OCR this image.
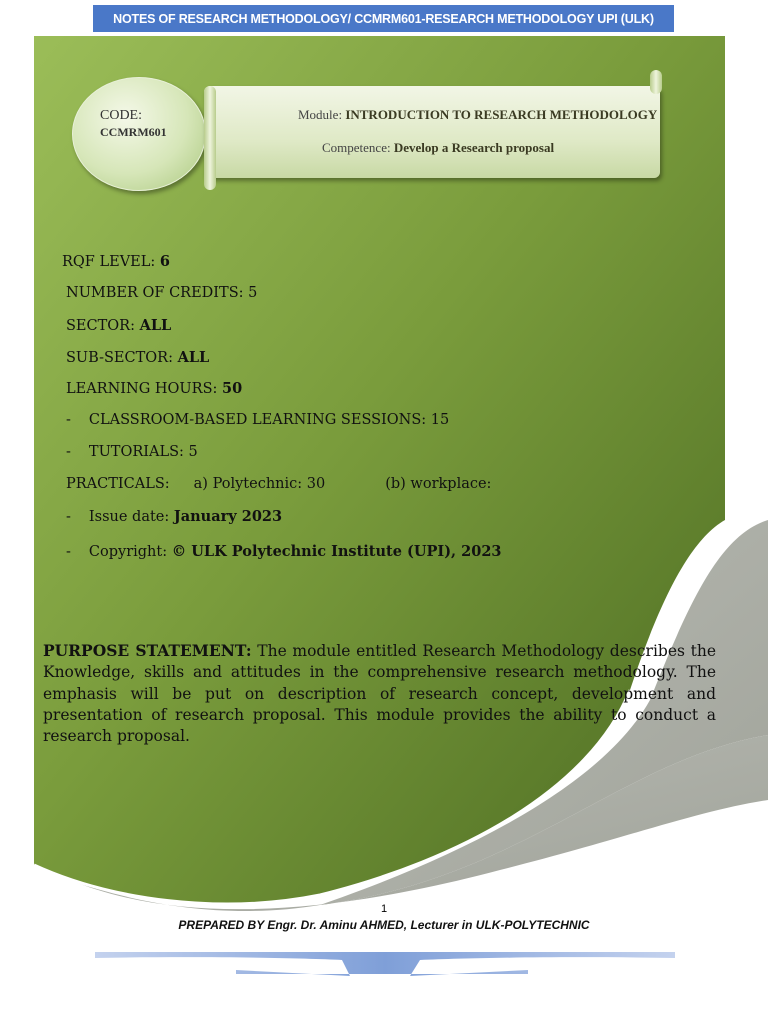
NOTES OF RESEARCH METHODOLOGY/ CCMRM601-RESEARCH METHODOLOGY UPI (ULK)
CODE:
CCMRM601
Module: INTRODUCTION TO RESEARCH METHODOLOGY
Competence: Develop a Research proposal
RQF LEVEL: 6
NUMBER OF CREDITS: 5
SECTOR: ALL
SUB-SECTOR: ALL
LEARNING HOURS: 50
- CLASSROOM-BASED LEARNING SESSIONS: 15
- TUTORIALS: 5
PRACTICALS: a) Polytechnic: 30	(b) workplace:
- Issue date: January 2023
- Copyright: © ULK Polytechnic Institute (UPI), 2023
PURPOSE STATEMENT: The module entitled Research Methodology describes the Knowledge, skills and attitudes in the comprehensive research methodology. The emphasis will be put on description of research concept, development and presentation of research proposal. This module provides the ability to conduct a research proposal.
1
PREPARED BY Engr. Dr. Aminu AHMED, Lecturer in ULK-POLYTECHNIC
